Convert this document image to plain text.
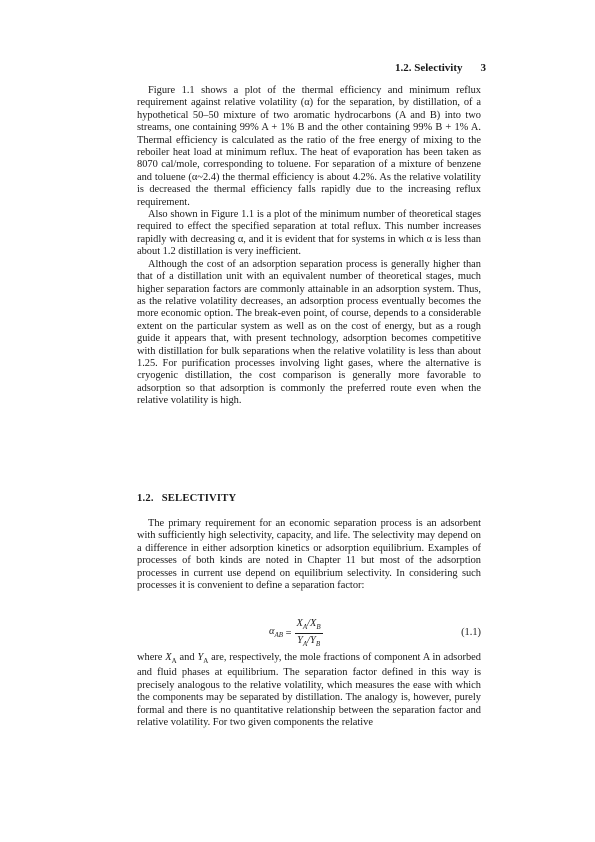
1.2. Selectivity 3

Figure 1.1 shows a plot of the thermal efficiency and minimum reflux requirement against relative volatility (α) for the separation, by distillation, of a hypothetical 50–50 mixture of two aromatic hydrocarbons (A and B) into two streams, one containing 99% A + 1% B and the other containing 99% B + 1% A. Thermal efficiency is calculated as the ratio of the free energy of mixing to the reboiler heat load at minimum reflux. The heat of evaporation has been taken as 8070 cal/mole, corresponding to toluene. For separation of a mixture of benzene and toluene (α~2.4) the thermal efficiency is about 4.2%. As the relative volatility is decreased the thermal efficiency falls rapidly due to the increasing reflux requirement.

Also shown in Figure 1.1 is a plot of the minimum number of theoretical stages required to effect the specified separation at total reflux. This number increases rapidly with decreasing α, and it is evident that for systems in which α is less than about 1.2 distillation is very inefficient.

Although the cost of an adsorption separation process is generally higher than that of a distillation unit with an equivalent number of theoretical stages, much higher separation factors are commonly attainable in an adsorption system. Thus, as the relative volatility decreases, an adsorption process eventually becomes the more economic option. The break-even point, of course, depends to a considerable extent on the particular system as well as on the cost of energy, but as a rough guide it appears that, with present technology, adsorption becomes competitive with distillation for bulk separations when the relative volatility is less than about 1.25. For purification processes involving light gases, where the alternative is cryogenic distillation, the cost comparison is generally more favorable to adsorption so that adsorption is commonly the preferred route even when the relative volatility is high.

1.2. SELECTIVITY

The primary requirement for an economic separation process is an adsorbent with sufficiently high selectivity, capacity, and life. The selectivity may depend on a difference in either adsorption kinetics or adsorption equilibrium. Examples of processes of both kinds are noted in Chapter 11 but most of the adsorption processes in current use depend on equilibrium selectivity. In considering such processes it is convenient to define a separation factor:

$\alpha_{AB} = \frac{X_A/X_B}{Y_A/Y_B}$	(1.1)

where $X_A$ and $Y_A$ are, respectively, the mole fractions of component A in adsorbed and fluid phases at equilibrium. The separation factor defined in this way is precisely analogous to the relative volatility, which measures the ease with which the components may be separated by distillation. The analogy is, however, purely formal and there is no quantitative relationship between the separation factor and relative volatility. For two given components the relative
